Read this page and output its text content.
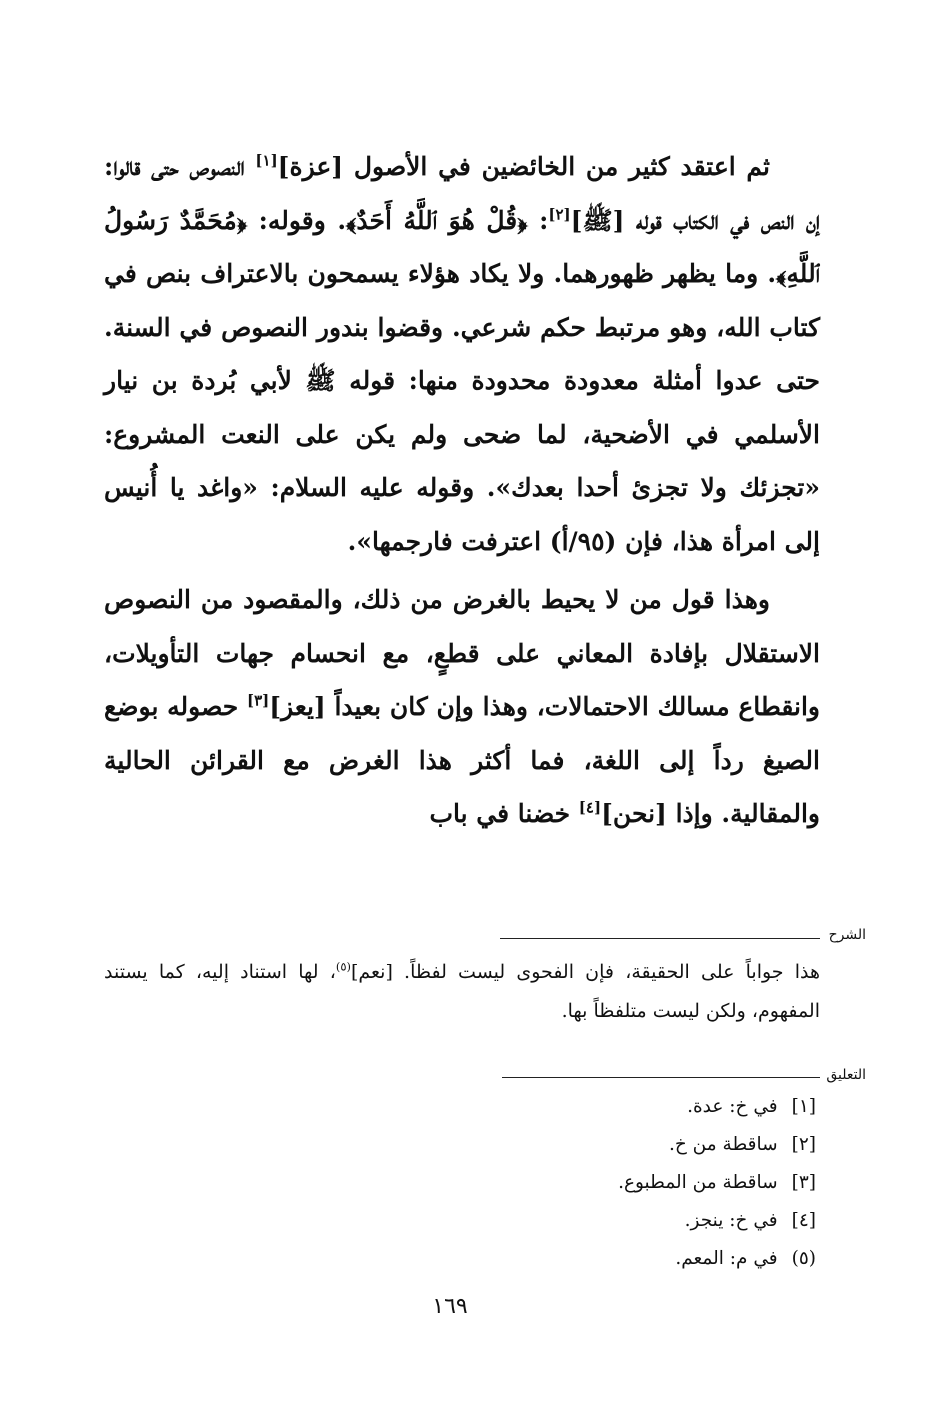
ثم اعتقد كثير من الخائضين في الأصول [عزة][١] النصوص حتى قالوا: إن النص في الكتاب قوله [ﷺ][٢]: ﴿قُلْ هُوَ ٱللَّهُ أَحَدٌ﴾. وقوله: ﴿مُحَمَّدٌ رَسُولُ ٱللَّهِ﴾. وما يظهر ظهورهما. ولا يكاد هؤلاء يسمحون بالاعتراف بنص في كتاب الله، وهو مرتبط حكم شرعي. وقضوا بندور النصوص في السنة. حتى عدوا أمثلة معدودة محدودة منها: قوله ﷺ لأبي بُردة بن نيار الأسلمي في الأضحية، لما ضحى ولم يكن على النعت المشروع: «تجزئك ولا تجزئ أحدا بعدك». وقوله عليه السلام: «واغد يا أُنيس إلى امرأة هذا، فإن (٩٥/أ) اعترفت فارجمها».

وهذا قول من لا يحيط بالغرض من ذلك، والمقصود من النصوص الاستقلال بإفادة المعاني على قطعٍ، مع انحسام جهات التأويلات، وانقطاع مسالك الاحتمالات، وهذا وإن كان بعيداً [يعز][٣] حصوله بوضع الصيغ رداً إلى اللغة، فما أكثر هذا الغرض مع القرائن الحالية والمقالية. وإذا [نحن][٤] خضنا في باب

الشرح
هذا جواباً على الحقيقة، فإن الفحوى ليست لفظاً. [نعم]$^{(٥)}$، لها استناد إليه، كما يستند المفهوم، ولكن ليست متلفظاً بها.
التعليق
[١]في خ: عدة.
[٢]ساقطة من خ.
[٣]ساقطة من المطبوع.
[٤]في خ: ينجز.
(٥)في م: المعم.
١٦٩
